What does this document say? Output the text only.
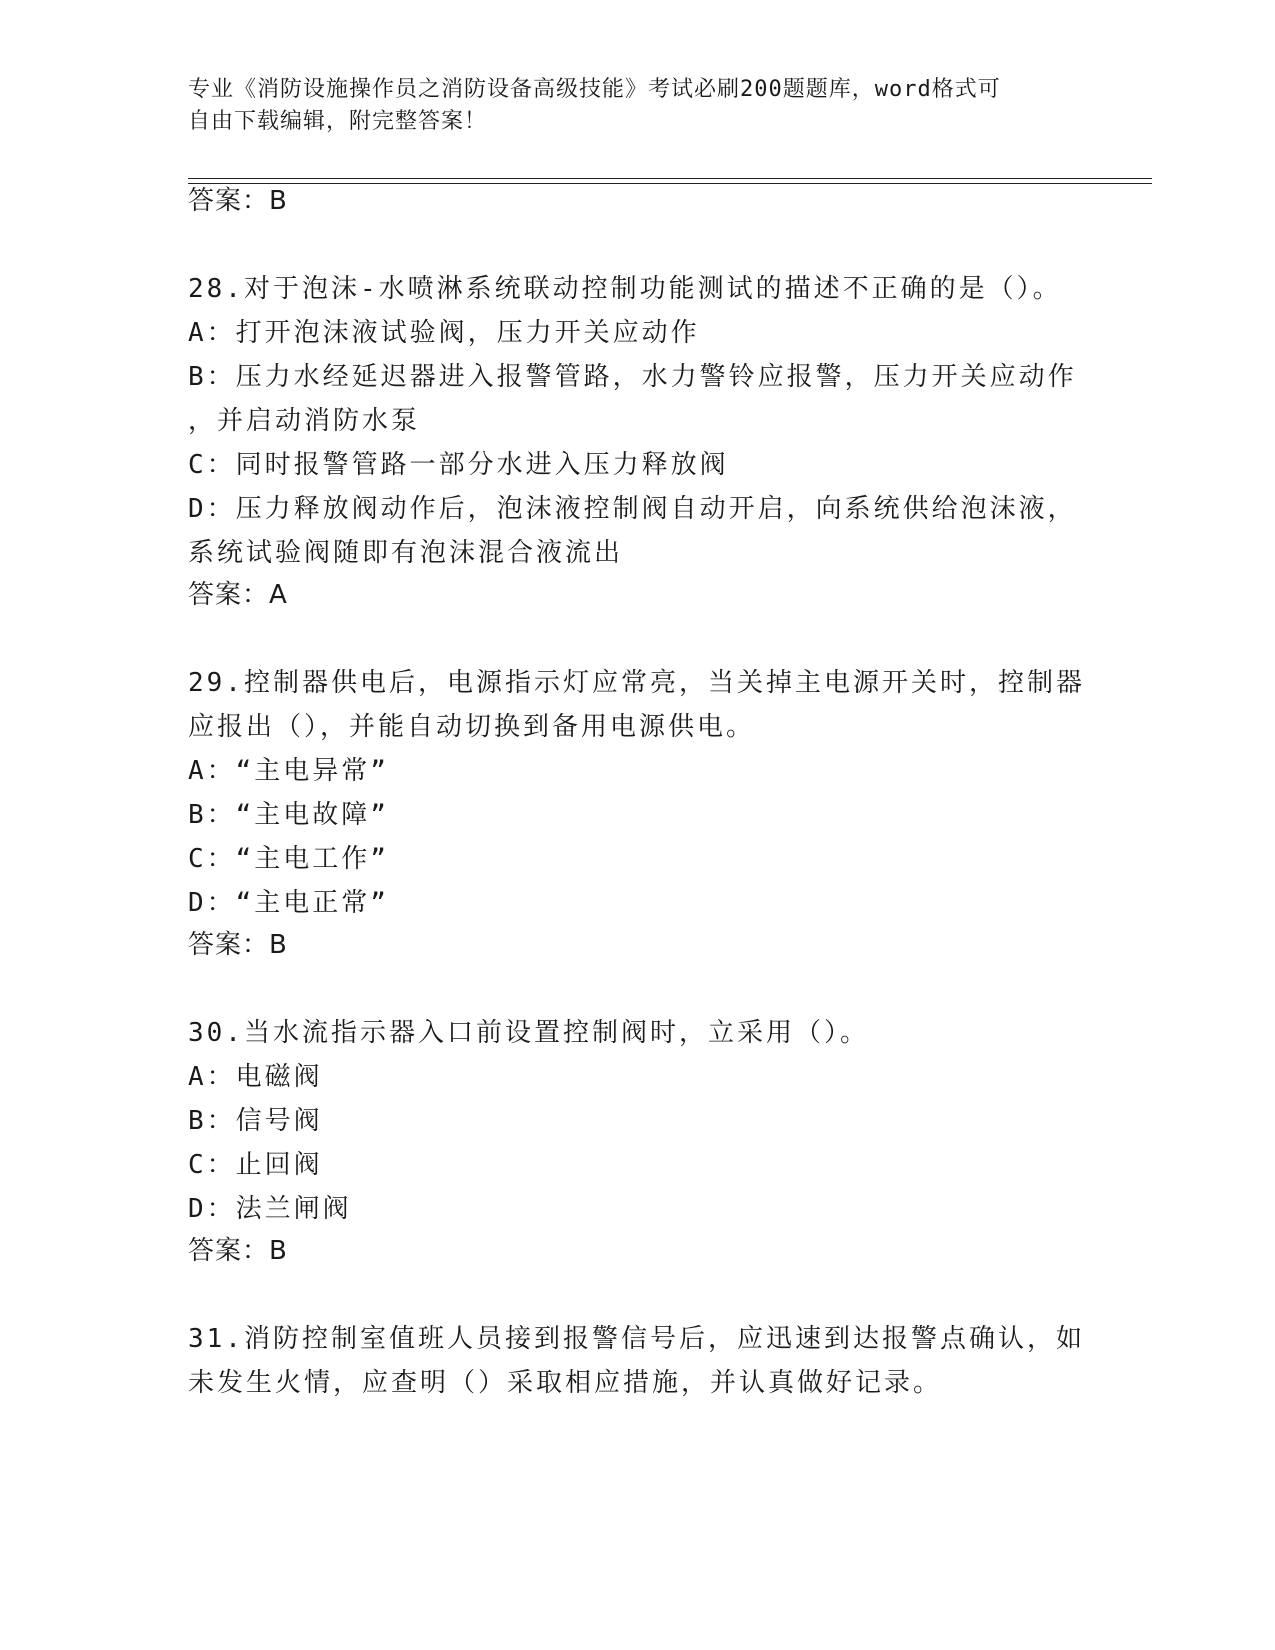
专业《消防设施操作员之消防设备高级技能》考试必刷200题题库，word格式可
自由下载编辑，附完整答案！
答案：B
28.对于泡沫-水喷淋系统联动控制功能测试的描述不正确的是（）。
A：打开泡沫液试验阀，压力开关应动作
B：压力水经延迟器进入报警管路，水力警铃应报警，压力开关应动作
，并启动消防水泵
C：同时报警管路一部分水进入压力释放阀
D：压力释放阀动作后，泡沫液控制阀自动开启，向系统供给泡沫液，
系统试验阀随即有泡沫混合液流出
答案：A
29.控制器供电后，电源指示灯应常亮，当关掉主电源开关时，控制器
应报出（），并能自动切换到备用电源供电。
A：“主电异常”
B：“主电故障”
C：“主电工作”
D：“主电正常”
答案：B
30.当水流指示器入口前设置控制阀时，立采用（）。
A：电磁阀
B：信号阀
C：止回阀
D：法兰闸阀
答案：B
31.消防控制室值班人员接到报警信号后，应迅速到达报警点确认，如
未发生火情，应查明（）采取相应措施，并认真做好记录。
